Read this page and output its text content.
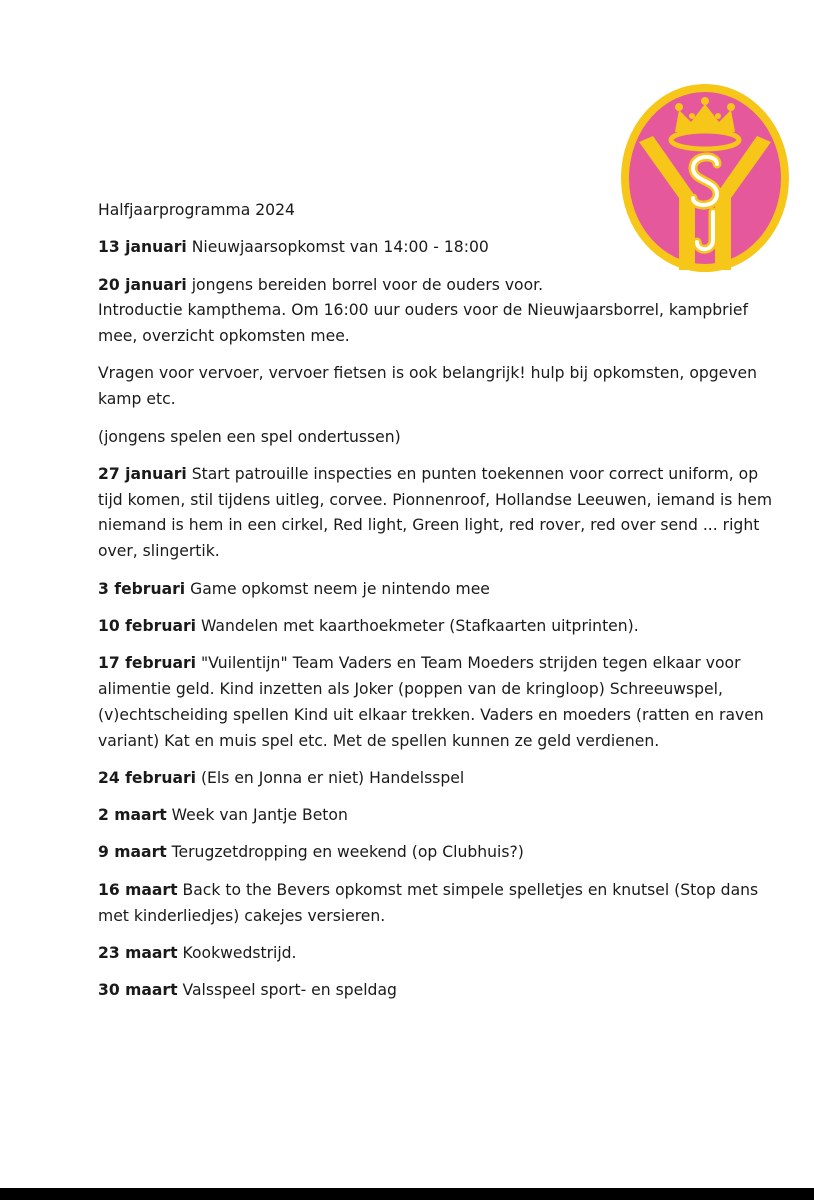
Halfjaarprogramma 2024

13 januari Nieuwjaarsopkomst van 14:00 - 18:00

20 januari jongens bereiden borrel voor de ouders voor.
Introductie kampthema. Om 16:00 uur ouders voor de Nieuwjaarsborrel, kampbrief mee, overzicht opkomsten mee.

Vragen voor vervoer, vervoer fietsen is ook belangrijk! hulp bij opkomsten, opgeven kamp etc.

(jongens spelen een spel ondertussen)

27 januari Start patrouille inspecties en punten toekennen voor correct uniform, op tijd komen, stil tijdens uitleg, corvee. Pionnenroof, Hollandse Leeuwen, iemand is hem niemand is hem in een cirkel, Red light, Green light, red rover, red over send ... right over, slingertik.

3 februari Game opkomst neem je nintendo mee

10 februari Wandelen met kaarthoekmeter (Stafkaarten uitprinten).

17 februari "Vuilentijn" Team Vaders en Team Moeders strijden tegen elkaar voor alimentie geld. Kind inzetten als Joker (poppen van de kringloop) Schreeuwspel, (v)echtscheiding spellen Kind uit elkaar trekken. Vaders en moeders (ratten en raven variant) Kat en muis spel etc. Met de spellen kunnen ze geld verdienen.

24 februari (Els en Jonna er niet) Handelsspel

2 maart Week van Jantje Beton

9 maart Terugzetdropping en weekend (op Clubhuis?)

16 maart Back to the Bevers opkomst met simpele spelletjes en knutsel (Stop dans met kinderliedjes) cakejes versieren.

23 maart Kookwedstrijd.

30 maart Valsspeel sport- en speldag
